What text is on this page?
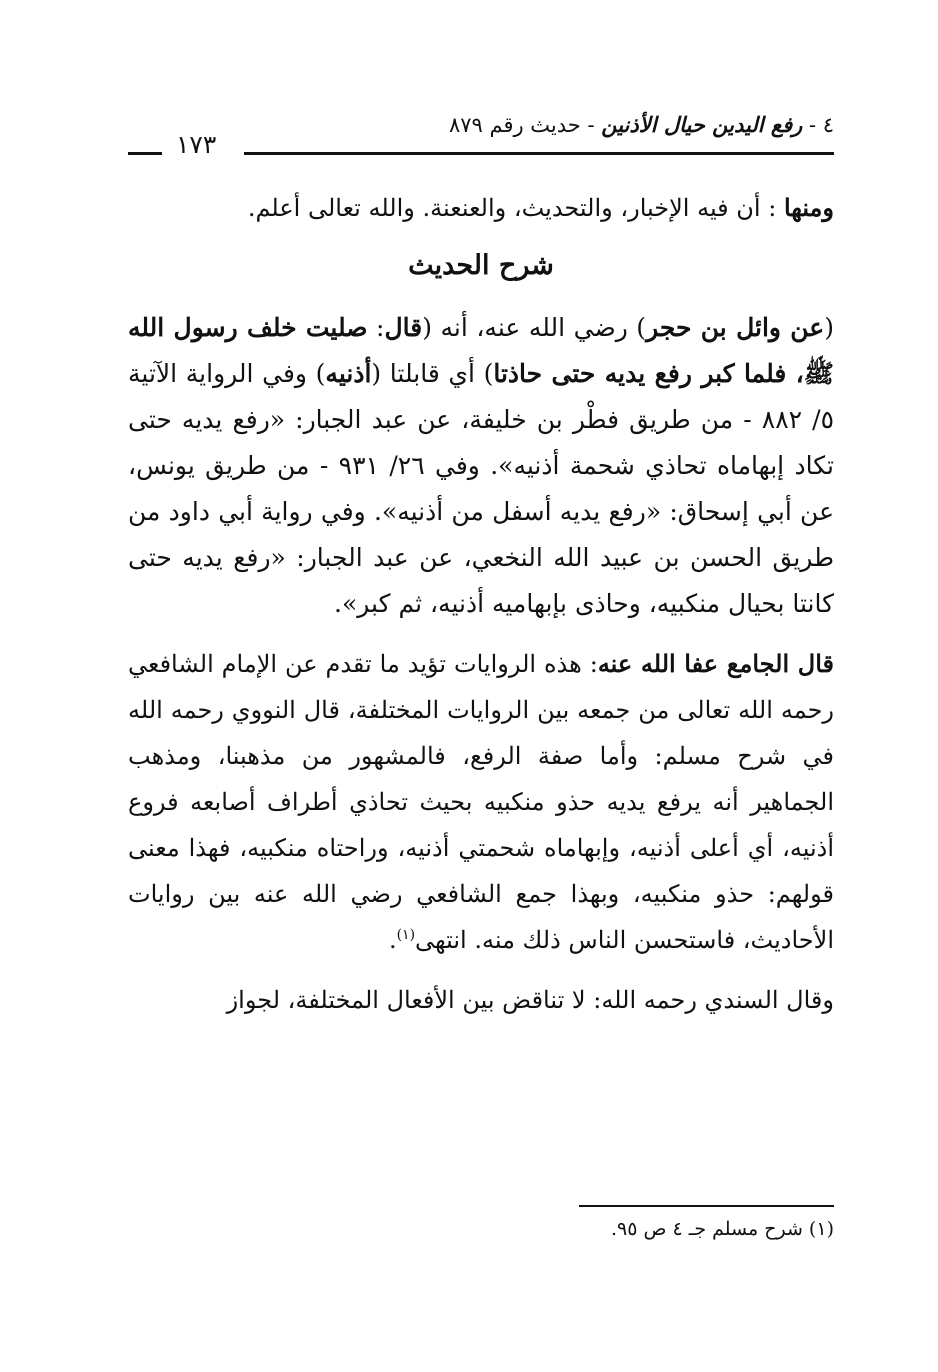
٤ - رفع اليدين حيال الأذنين - حديث رقم ٨٧٩
١٧٣

ومنها : أن فيه الإخبار، والتحديث، والعنعنة. والله تعالى أعلم.

شرح الحديث

(عن وائل بن حجر) رضي الله عنه، أنه (قال: صليت خلف رسول الله ﷺ، فلما كبر رفع يديه حتى حاذتا) أي قابلتا (أذنيه) وفي الرواية الآتية ٥/ ٨٨٢ - من طريق فطْر بن خليفة، عن عبد الجبار: «رفع يديه حتى تكاد إبهاماه تحاذي شحمة أذنيه». وفي ٢٦/ ٩٣١ - من طريق يونس، عن أبي إسحاق: «رفع يديه أسفل من أذنيه». وفي رواية أبي داود من طريق الحسن بن عبيد الله النخعي، عن عبد الجبار: «رفع يديه حتى كانتا بحيال منكبيه، وحاذى بإبهاميه أذنيه، ثم كبر».

قال الجامع عفا الله عنه: هذه الروايات تؤيد ما تقدم عن الإمام الشافعي رحمه الله تعالى من جمعه بين الروايات المختلفة، قال النووي رحمه الله في شرح مسلم: وأما صفة الرفع، فالمشهور من مذهبنا، ومذهب الجماهير أنه يرفع يديه حذو منكبيه بحيث تحاذي أطراف أصابعه فروع أذنيه، أي أعلى أذنيه، وإبهاماه شحمتي أذنيه، وراحتاه منكبيه، فهذا معنى قولهم: حذو منكبيه، وبهذا جمع الشافعي رضي الله عنه بين روايات الأحاديث، فاستحسن الناس ذلك منه. انتهى$^{(١)}$.

وقال السندي رحمه الله: لا تناقض بين الأفعال المختلفة، لجواز

(١) شرح مسلم جـ ٤ ص ٩٥.
